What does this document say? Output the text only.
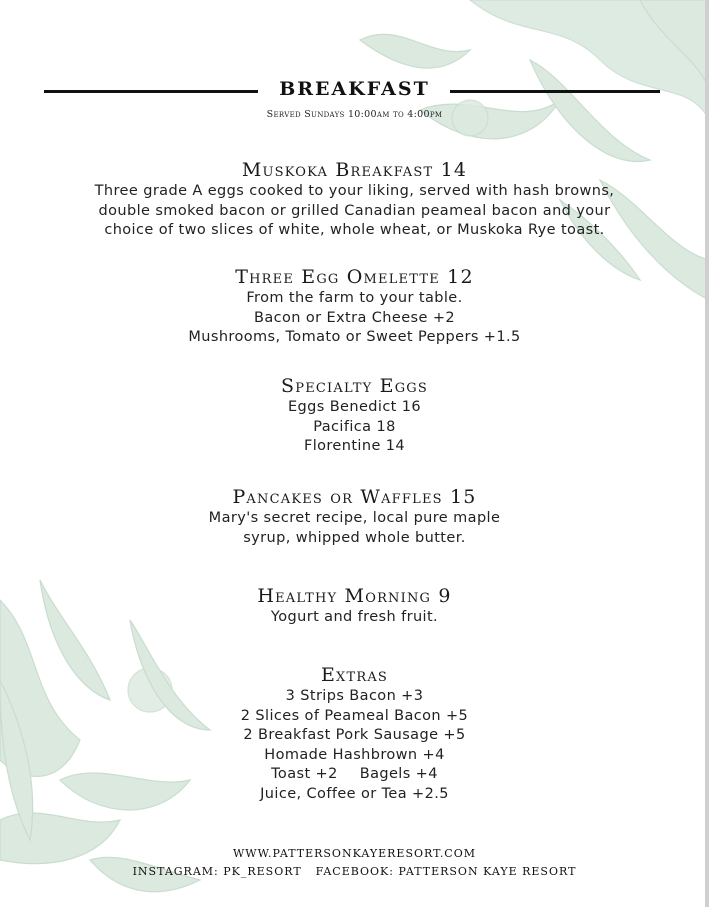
BREAKFAST
Served Sundays 10:00am to 4:00pm
Muskoka Breakfast 14
Three grade A eggs cooked to your liking, served with hash browns,
double smoked bacon or grilled Canadian peameal bacon and your
choice of two slices of white, whole wheat, or Muskoka Rye toast.
Three Egg Omelette 12
From the farm to your table.
Bacon or Extra Cheese +2
Mushrooms, Tomato or Sweet Peppers +1.5
Specialty Eggs
Eggs Benedict 16
Pacifica 18
Florentine 14
Pancakes or Waffles 15
Mary's secret recipe, local pure maple
syrup, whipped whole butter.
Healthy Morning 9
Yogurt and fresh fruit.
Extras
3 Strips Bacon +3
2 Slices of Peameal Bacon +5
2 Breakfast Pork Sausage +5
Homade Hashbrown +4
Toast +2 Bagels +4
Juice, Coffee or Tea +2.5
WWW.PATTERSONKAYERESORT.COM
INSTAGRAM: PK_RESORT FACEBOOK: PATTERSON KAYE RESORT
